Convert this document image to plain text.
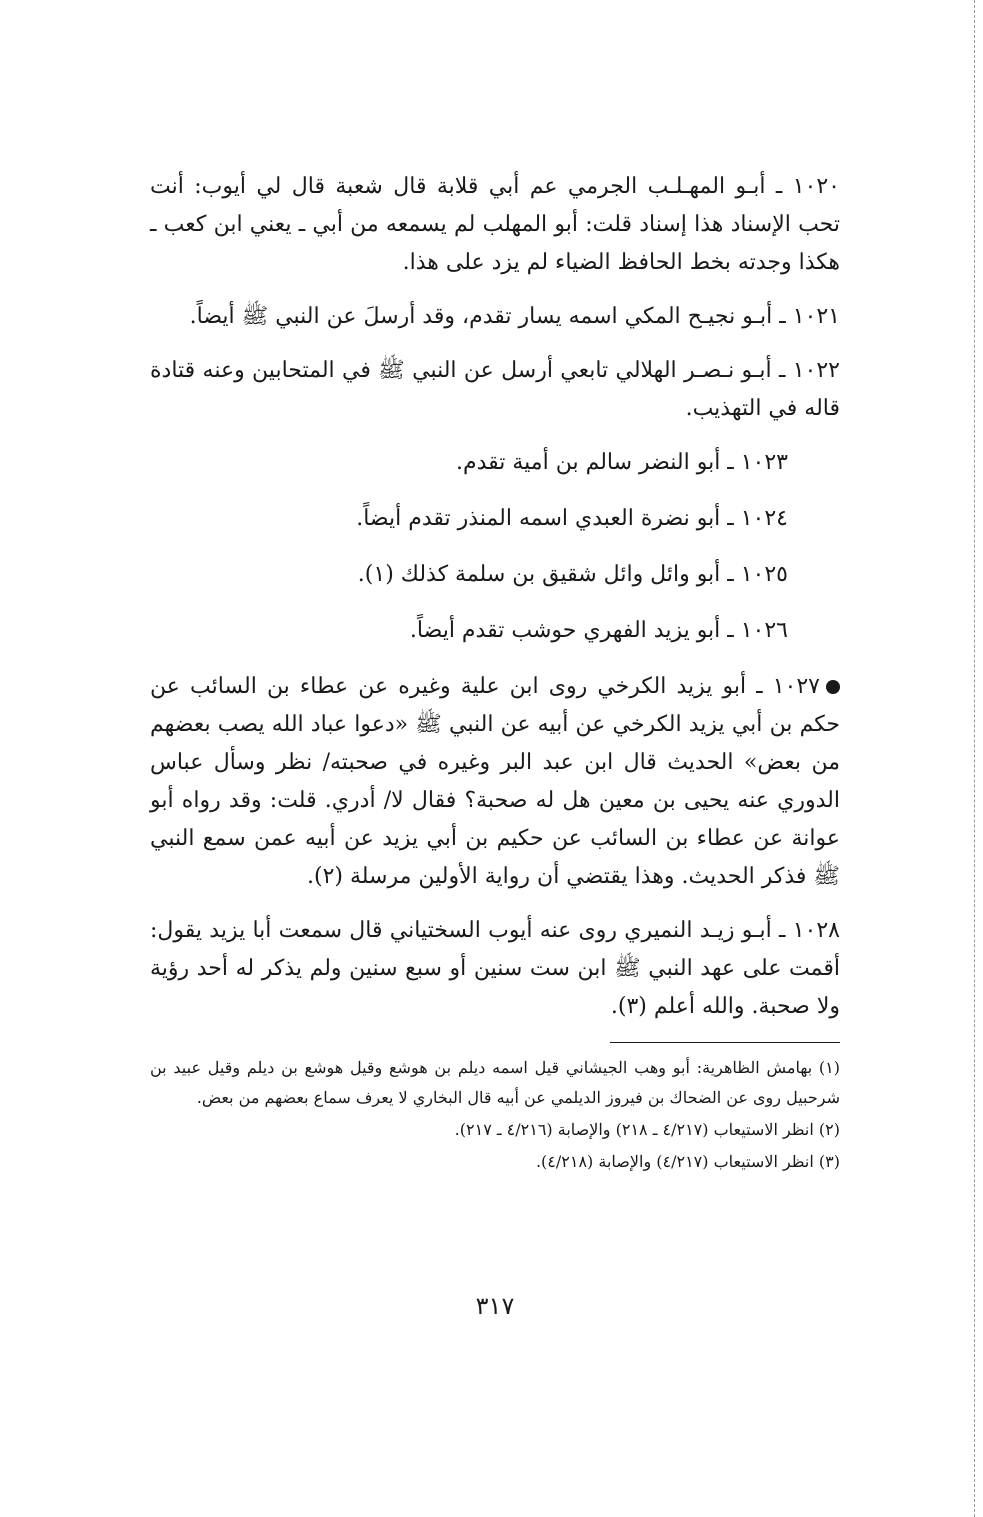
١٠٢٠ ـ أبـو المهـلـب الجرمي عم أبي قلابة قال شعبة قال لي أيوب: أنت تحب الإسناد هذا إسناد قلت: أبو المهلب لم يسمعه من أبي ـ يعني ابن كعب ـ هكذا وجدته بخط الحافظ الضياء لم يزد على هذا.

١٠٢١ ـ أبـو نجيـح المكي اسمه يسار تقدم، وقد أرسلَ عن النبي ﷺ أيضاً.

١٠٢٢ ـ أبـو نـصـر الهلالي تابعي أرسل عن النبي ﷺ في المتحابين وعنه قتادة قاله في التهذيب.

١٠٢٣ ـ أبو النضر سالم بن أمية تقدم.

١٠٢٤ ـ أبو نضرة العبدي اسمه المنذر تقدم أيضاً.

١٠٢٥ ـ أبو وائل وائل شقيق بن سلمة كذلك (١).

١٠٢٦ ـ أبو يزيد الفهري حوشب تقدم أيضاً.

١٠٢٧ ـ أبو يزيد الكرخي روى ابن علية وغيره عن عطاء بن السائب عن حكم بن أبي يزيد الكرخي عن أبيه عن النبي ﷺ «دعوا عباد الله يصب بعضهم من بعض» الحديث قال ابن عبد البر وغيره في صحبته/ نظر وسأل عباس الدوري عنه يحيى بن معين هل له صحبة؟ فقال لا/ أدري. قلت: وقد رواه أبو عوانة عن عطاء بن السائب عن حكيم بن أبي يزيد عن أبيه عمن سمع النبي ﷺ فذكر الحديث. وهذا يقتضي أن رواية الأولين مرسلة (٢).

١٠٢٨ ـ أبـو زيـد النميري روى عنه أيوب السختياني قال سمعت أبا يزيد يقول: أقمت على عهد النبي ﷺ ابن ست سنين أو سبع سنين ولم يذكر له أحد رؤية ولا صحبة. والله أعلم (٣).

(١) بهامش الظاهرية: أبو وهب الجيشاني قيل اسمه ديلم بن هوشع وقيل هوشع بن ديلم وقيل عبيد بن شرحبيل روى عن الضحاك بن فيروز الديلمي عن أبيه قال البخاري لا يعرف سماع بعضهم من بعض.

(٢) انظر الاستيعاب (٤/٢١٧ ـ ٢١٨) والإصابة (٤/٢١٦ ـ ٢١٧).

(٣) انظر الاستيعاب (٤/٢١٧) والإصابة (٤/٢١٨).

٣١٧
